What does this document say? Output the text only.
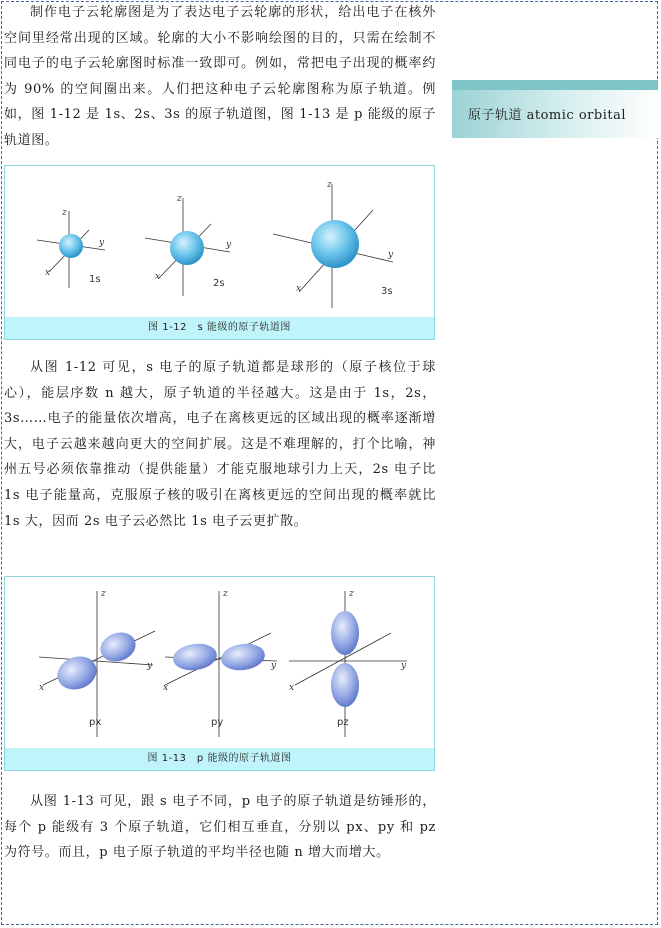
制作电子云轮廓图是为了表达电子云轮廓的形状，给出电子在核外空间里经常出现的区域。轮廓的大小不影响绘图的目的，只需在绘制不同电子的电子云轮廓图时标准一致即可。例如，常把电子出现的概率约为 90% 的空间圈出来。人们把这种电子云轮廓图称为原子轨道。例如，图 1-12 是 1s、2s、3s 的原子轨道图，图 1-13 是 p 能级的原子轨道图。

原子轨道 atomic orbital
z
y
x
z
y
x
z
y
x
1s	2s
3s
图 1-12　s 能级的原子轨道图

从图 1-12 可见，s 电子的原子轨道都是球形的（原子核位于球心），能层序数 n 越大，原子轨道的半径越大。这是由于 1s，2s，3s……电子的能量依次增高，电子在离核更远的区域出现的概率逐渐增大，电子云越来越向更大的空间扩展。这是不难理解的，打个比喻，神州五号必须依靠推动（提供能量）才能克服地球引力上天，2s 电子比 1s 电子能量高，克服原子核的吸引在离核更远的空间出现的概率就比 1s 大，因而 2s 电子云必然比 1s 电子云更扩散。

z
y
x
z
y
x
z
y
x
px	py	pz
图 1-13　p 能级的原子轨道图

从图 1-13 可见，跟 s 电子不同，p 电子的原子轨道是纺锤形的，每个 p 能级有 3 个原子轨道，它们相互垂直，分别以 px、py 和 pz 为符号。而且，p 电子原子轨道的平均半径也随 n 增大而增大。
